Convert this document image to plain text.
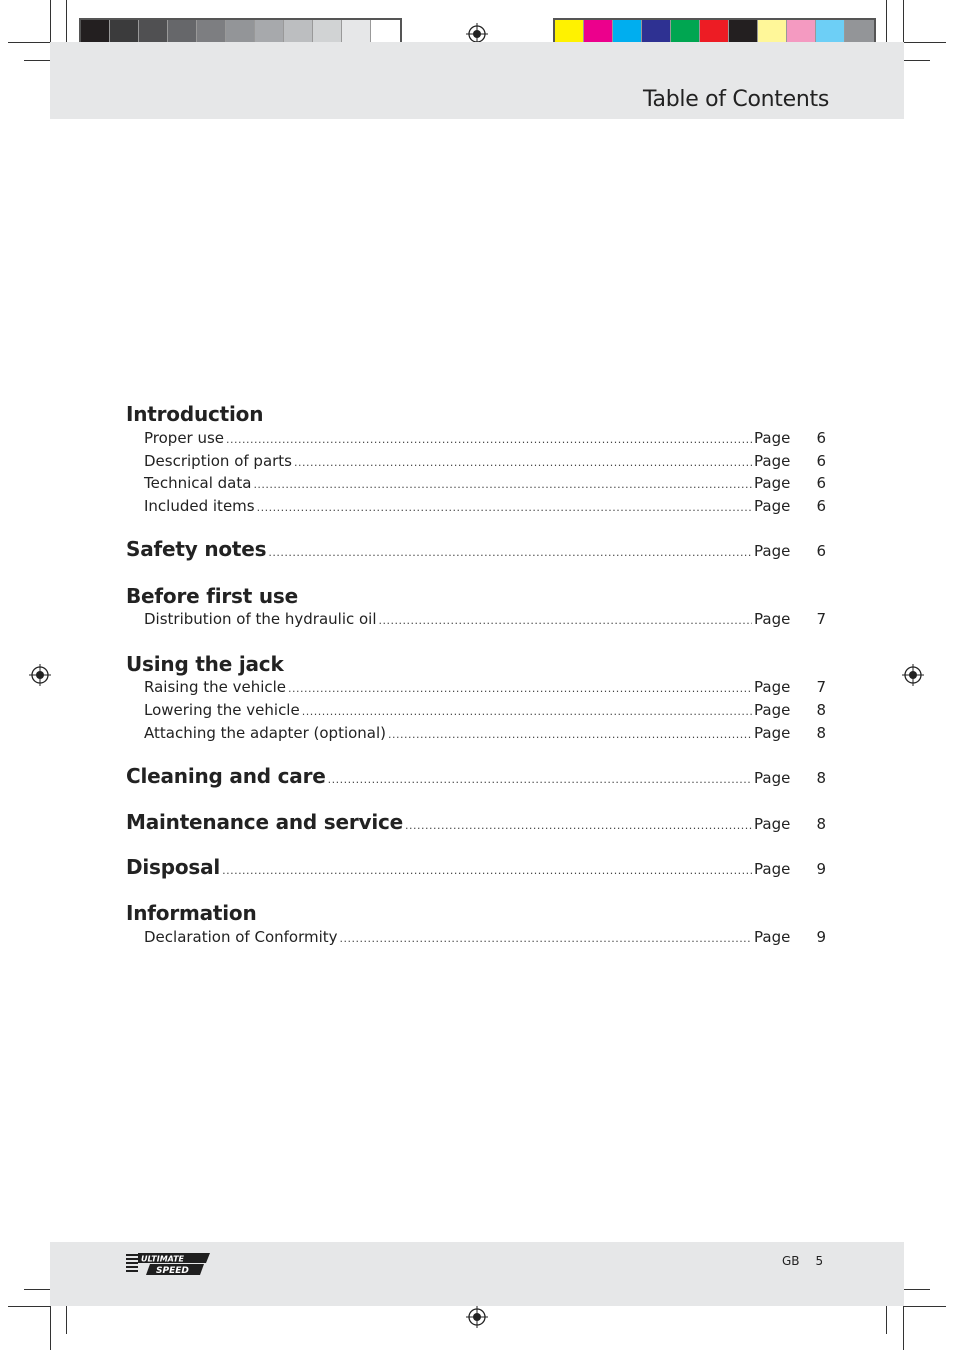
Table of Contents
ULTIMATE
SPEED
GB 5
Introduction
Proper use .....	Page	6
Description of parts .....	Page	6
Technical data .....	Page	6
Included items .....	Page	6
Safety notes .....	Page	6
Before first use
Distribution of the hydraulic oil .....	Page	7
Using the jack
Raising the vehicle .....	Page	7
Lowering the vehicle .....	Page	8
Attaching the adapter (optional) .....	Page	8
Cleaning and care .....	Page	8
Maintenance and service .....	Page	8
Disposal .....	Page	9
Information
Declaration of Conformity .....	Page	9
